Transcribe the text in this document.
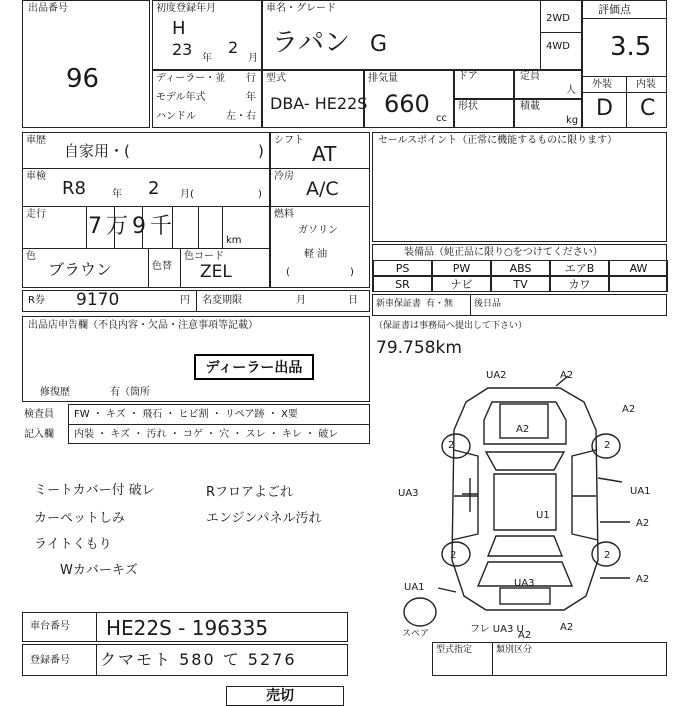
出品番号
96
初度登録年月
H
23 年
2
月
車名・グレード
ラパン G
2WD
4WD
評価点
3.5
外装 内装
D C
ディーラー・並 行
モデル年式	年
ハンドル	左・右
型式
DBA- HE22S
排気量
660
cc
ドア	定員
人
形状	積載
kg
車歴
自家用・(	)
車検
R8	年 2 月(	)
走行 7万9千
km
色
ブラウン	色替
色コード
ZEL
シフト
AT
冷房
A/C
燃料
ガソリン
軽 油
(	)
R券 9170	円 名変期限	月	日
セールスポイント（正常に機能するものに限ります）
装備品（純正品に限り○をつけてください）
PS	PW	ABS	エアB	AW
SR	ナビ	TV	カワ
新車保証書 有・無 後日品
（保証書は事務局へ提出して下さい）
79.758km
出品店申告欄（不良内容・欠品・注意事項等記載）
ディーラー出品
修復歴	有（箇所
検査員
記入欄
FW ・ キズ ・ 飛石 ・ ヒビ割 ・ リペア跡 ・ X要
内装 ・ キズ ・ 汚れ ・ コゲ ・ 穴 ・ スレ ・ キレ ・ 破レ
ミートカバー付 破レ
カーペットしみ
ライトくもり
Wカバーキズ
Rフロアよごれ
エンジンパネル汚れ
UA2	A2
A2
A2
UA3	UA1
A2
U1
A2
UA1	UA3
A2
フレ UA3 U
A2
2	2
2	2
スペア
車台番号 HE22S - 196335
登録番号 クマモト 580 て 5276	型式指定	類別区分
売切
